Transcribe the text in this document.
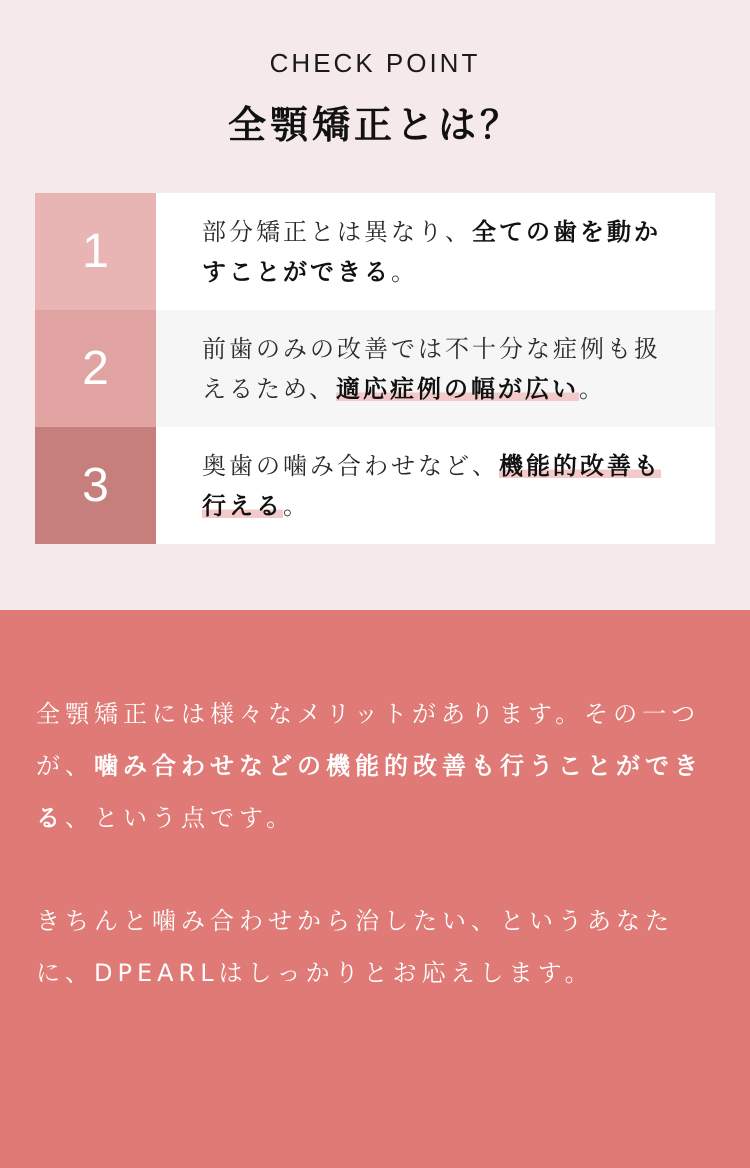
CHECK POINT
全顎矯正とは？
1	部分矯正とは異なり、全ての歯を動かすことができる。
2	前歯のみの改善では不十分な症例も扱えるため、適応症例の幅が広い。
3	奥歯の噛み合わせなど、機能的改善も行える。
全顎矯正には様々なメリットがあります。その一つが、噛み合わせなどの機能的改善も行うことができる、という点です。
きちんと噛み合わせから治したい、というあなたに、DPEARLはしっかりとお応えします。
